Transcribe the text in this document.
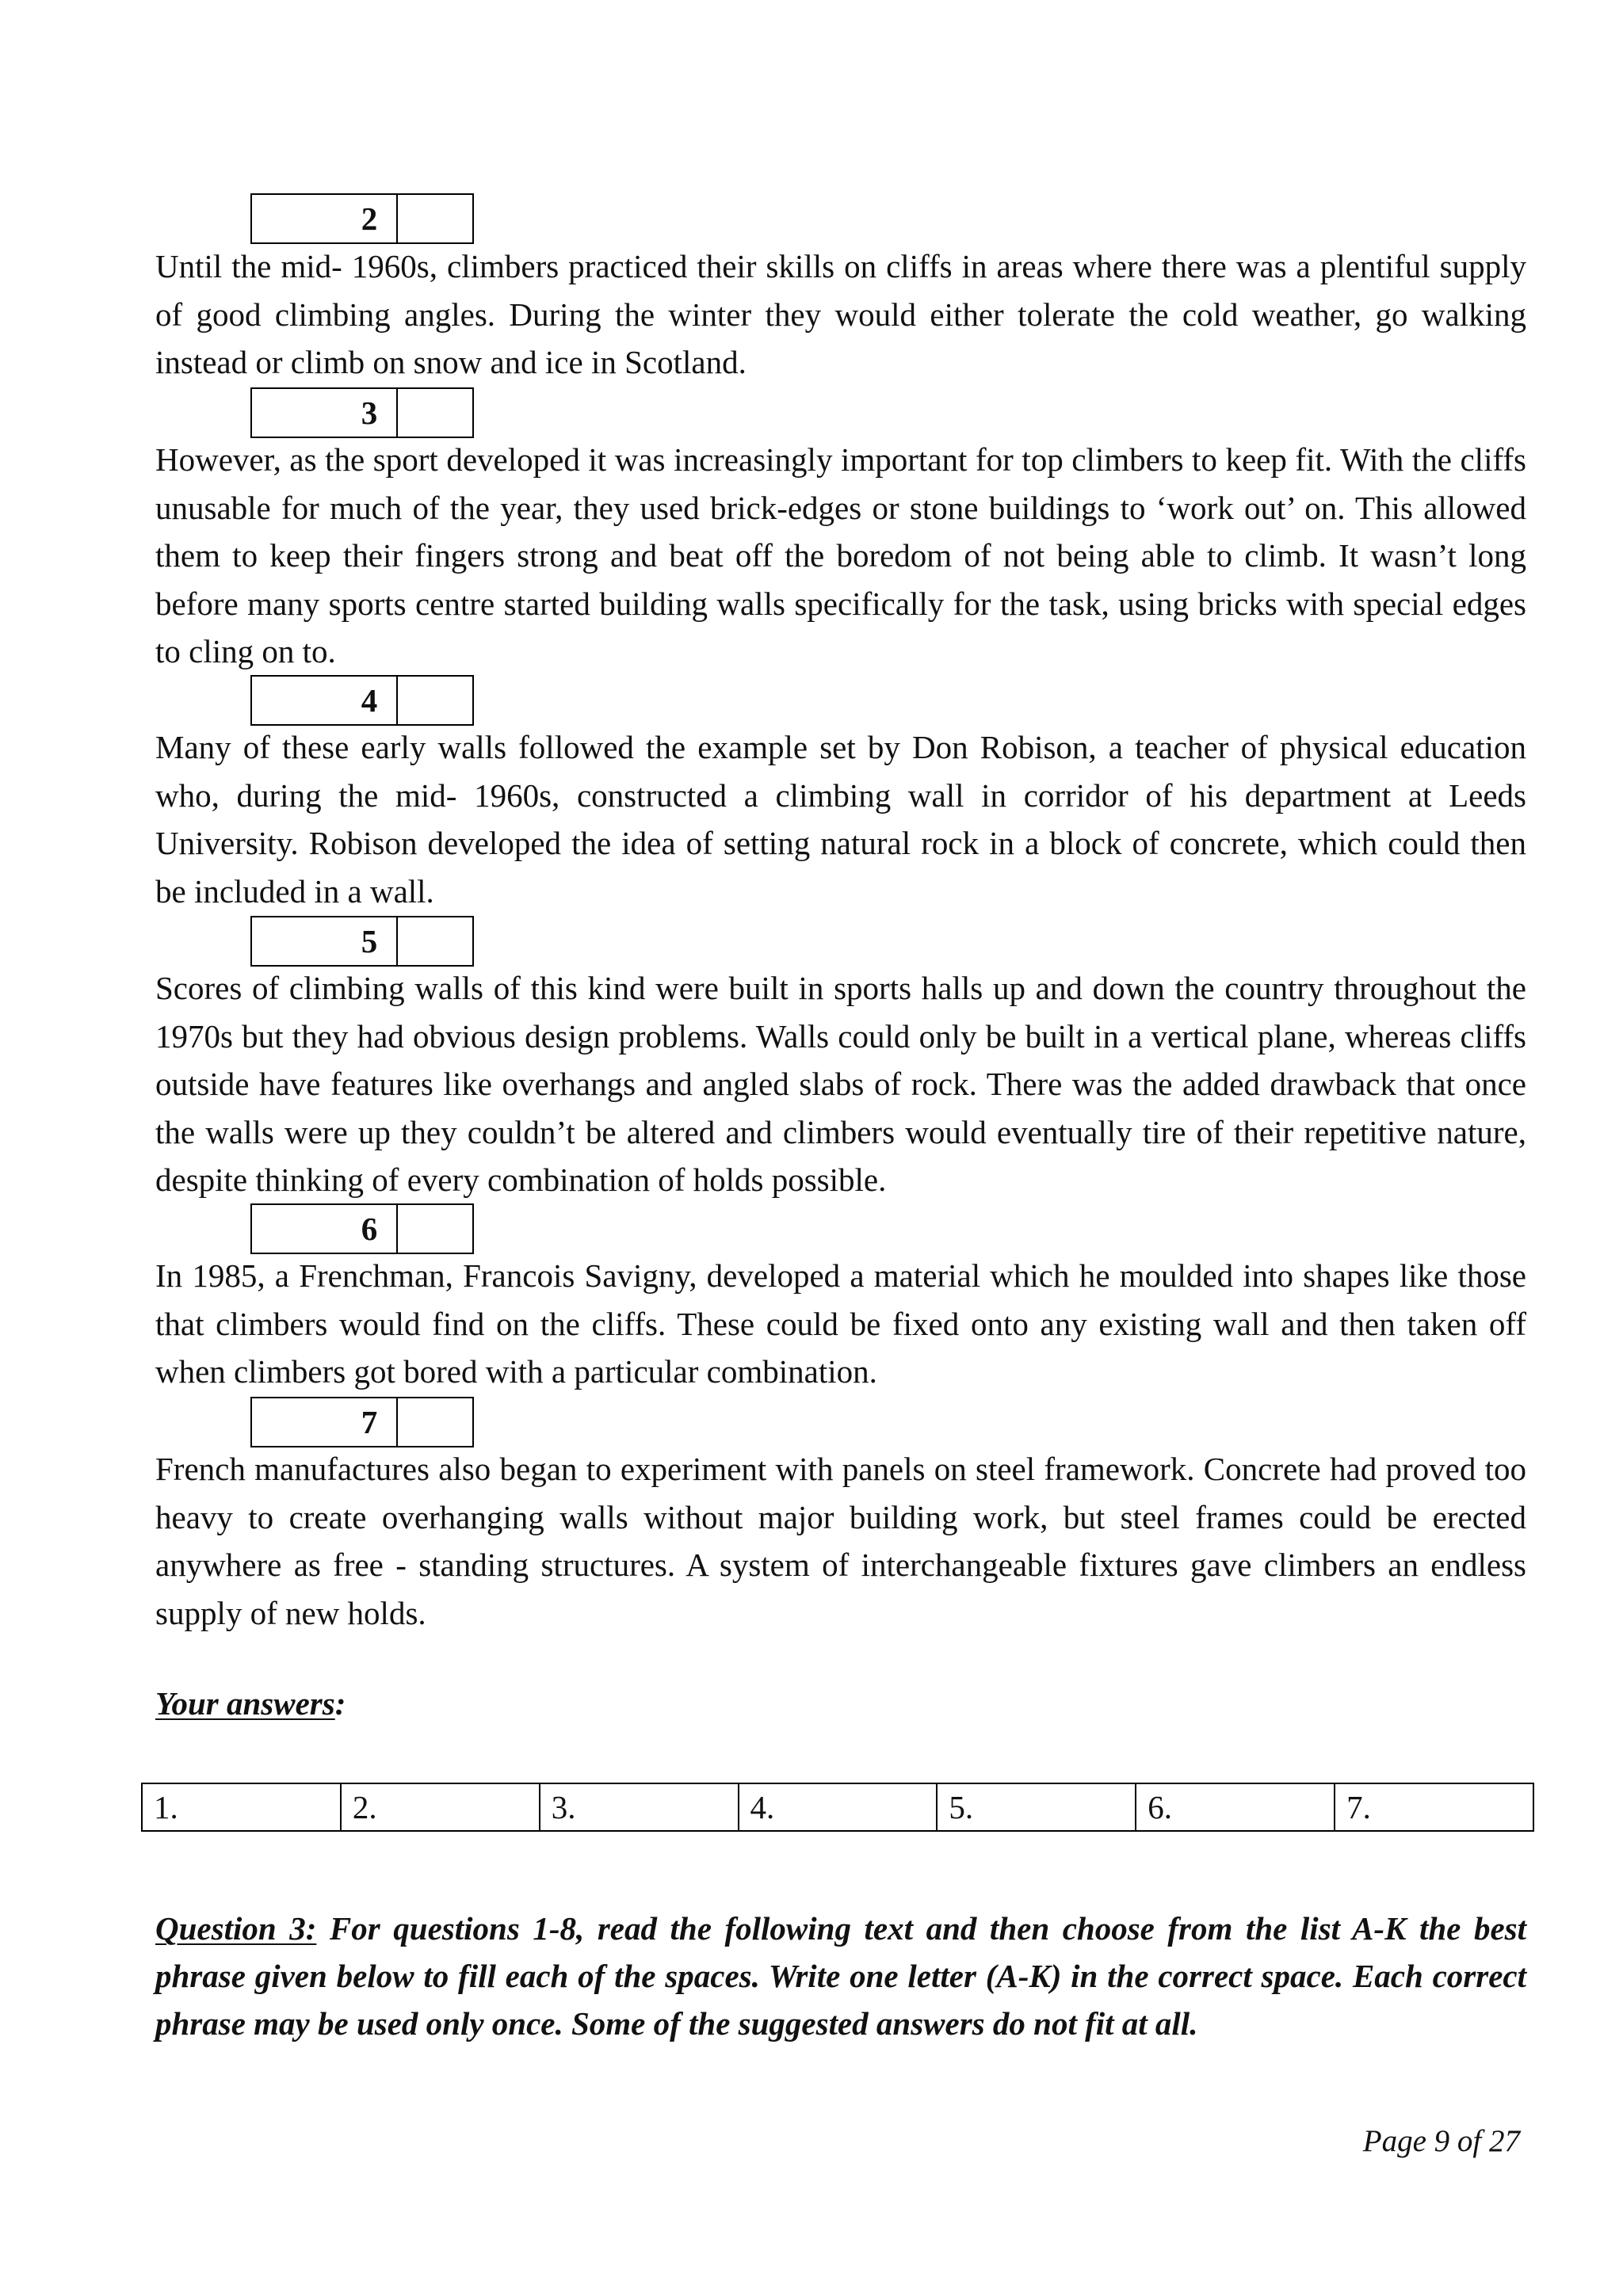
2

Until the mid- 1960s, climbers practiced their skills on cliffs in areas where there was a plentiful supply of good climbing angles. During the winter they would either tolerate the cold weather, go walking instead or climb on snow and ice in Scotland.

3

However, as the sport developed it was increasingly important for top climbers to keep fit. With the cliffs unusable for much of the year, they used brick-edges or stone buildings to ‘work out’ on. This allowed them to keep their fingers strong and beat off the boredom of not being able to climb. It wasn’t long before many sports centre started building walls specifically for the task, using bricks with special edges to cling on to.

4

Many of these early walls followed the example set by Don Robison, a teacher of physical education who, during the mid- 1960s, constructed a climbing wall in corridor of his department at Leeds University. Robison developed the idea of setting natural rock in a block of concrete, which could then be included in a wall.

5

Scores of climbing walls of this kind were built in sports halls up and down the country throughout the 1970s but they had obvious design problems. Walls could only be built in a vertical plane, whereas cliffs outside have features like overhangs and angled slabs of rock. There was the added drawback that once the walls were up they couldn’t be altered and climbers would eventually tire of their repetitive nature, despite thinking of every combination of holds possible.

6

In 1985, a Frenchman, Francois Savigny, developed a material which he moulded into shapes like those that climbers would find on the cliffs. These could be fixed onto any existing wall and then taken off when climbers got bored with a particular combination.

7

French manufactures also began to experiment with panels on steel framework. Concrete had proved too heavy to create overhanging walls without major building work, but steel frames could be erected anywhere as free - standing structures. A system of interchangeable fixtures gave climbers an endless supply of new holds.

Your answers:

1.	2.	3.	4.	5.	6.	7.

Question 3: For questions 1-8, read the following text and then choose from the list A-K the best phrase given below to fill each of the spaces. Write one letter (A-K) in the correct space. Each correct phrase may be used only once. Some of the suggested answers do not fit at all.

Page 9 of 27
